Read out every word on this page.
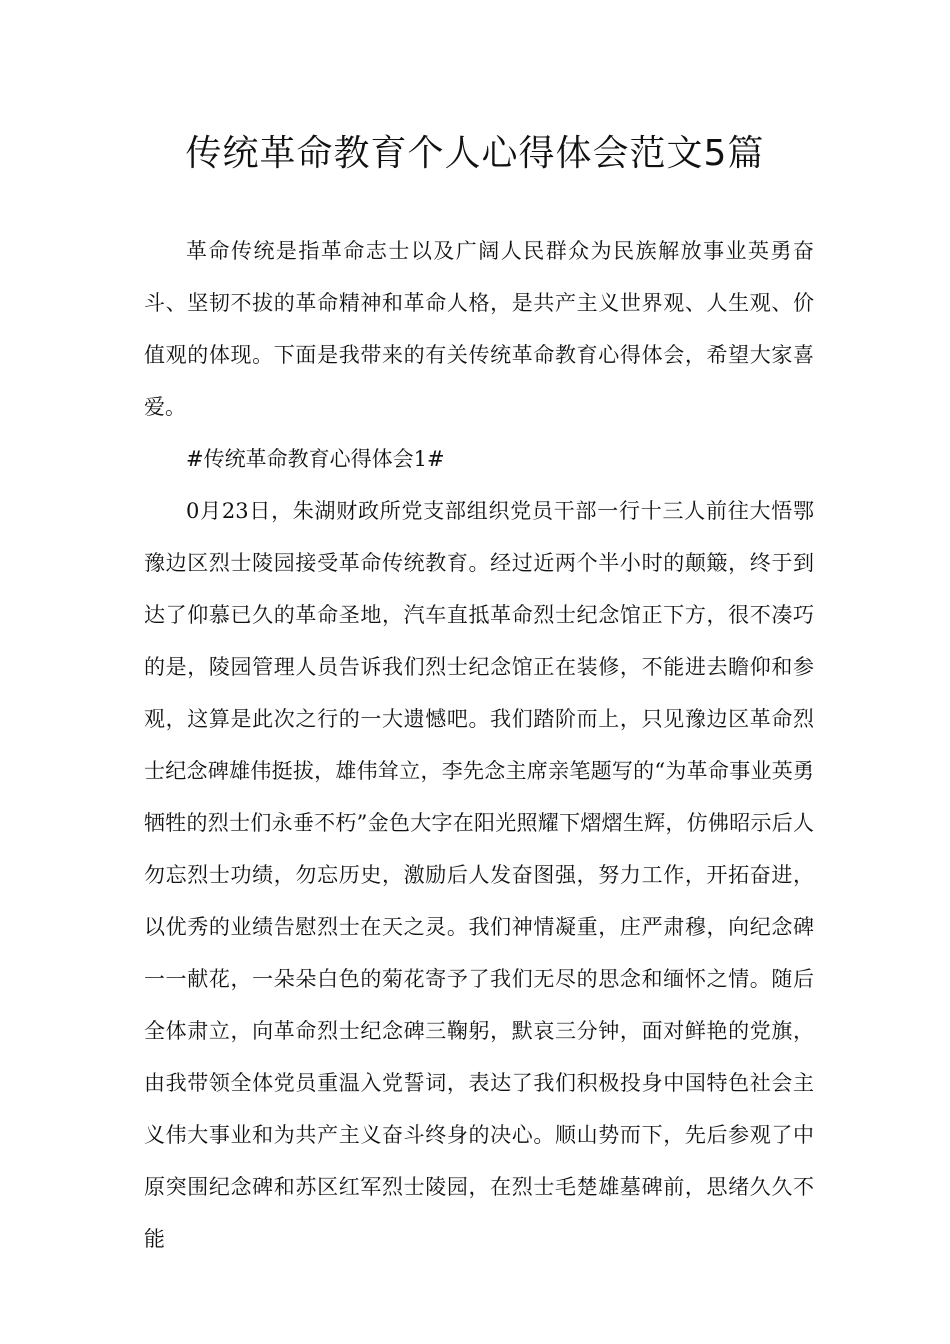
传统革命教育个人心得体会范文5篇

革命传统是指革命志士以及广阔人民群众为民族解放事业英勇奋斗、坚韧不拔的革命精神和革命人格，是共产主义世界观、人生观、价值观的体现。下面是我带来的有关传统革命教育心得体会，希望大家喜爱。

#传统革命教育心得体会1#

0月23日，朱湖财政所党支部组织党员干部一行十三人前往大悟鄂豫边区烈士陵园接受革命传统教育。经过近两个半小时的颠簸，终于到达了仰慕已久的革命圣地，汽车直抵革命烈士纪念馆正下方，很不凑巧的是，陵园管理人员告诉我们烈士纪念馆正在装修，不能进去瞻仰和参观，这算是此次之行的一大遗憾吧。我们踏阶而上，只见豫边区革命烈士纪念碑雄伟挺拔，雄伟耸立，李先念主席亲笔题写的“为革命事业英勇牺牲的烈士们永垂不朽”金色大字在阳光照耀下熠熠生辉，仿佛昭示后人勿忘烈士功绩，勿忘历史，激励后人发奋图强，努力工作，开拓奋进，以优秀的业绩告慰烈士在天之灵。我们神情凝重，庄严肃穆，向纪念碑一一献花，一朵朵白色的菊花寄予了我们无尽的思念和缅怀之情。随后全体肃立，向革命烈士纪念碑三鞠躬，默哀三分钟，面对鲜艳的党旗，由我带领全体党员重温入党誓词，表达了我们积极投身中国特色社会主义伟大事业和为共产主义奋斗终身的决心。顺山势而下，先后参观了中原突围纪念碑和苏区红军烈士陵园，在烈士毛楚雄墓碑前，思绪久久不能
